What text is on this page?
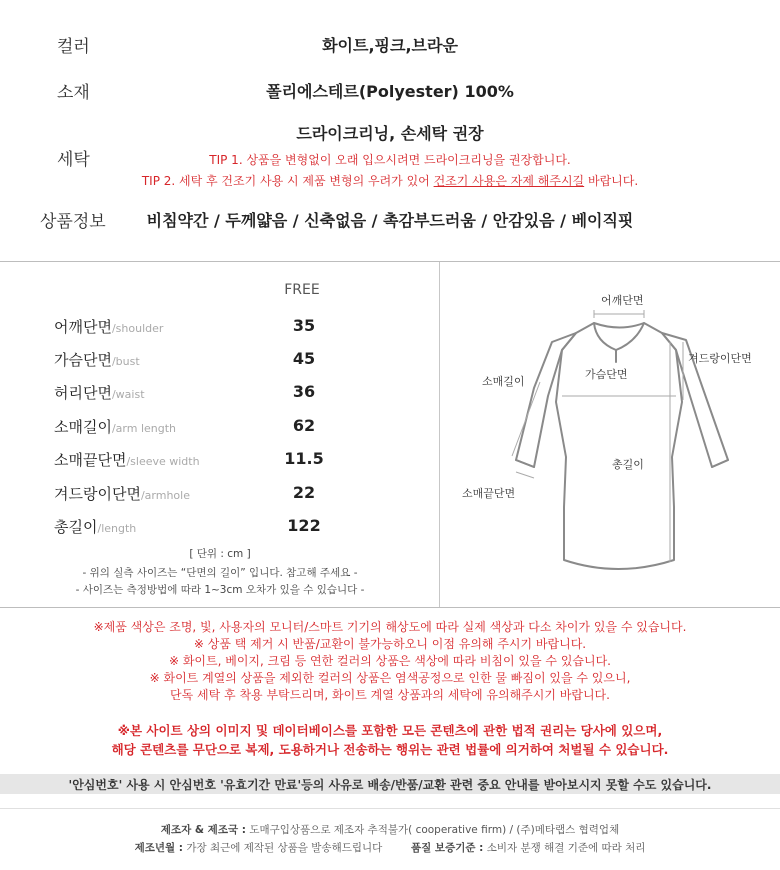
컬러	화이트,핑크,브라운
소재	폴리에스테르(Polyester) 100%
드라이크리닝, 손세탁 권장
세탁	TIP 1. 상품을 변형없이 오래 입으시려면 드라이크리닝을 권장합니다.
TIP 2. 세탁 후 건조기 사용 시 제품 변형의 우려가 있어 건조기 사용은 자제 해주시길 바랍니다.
상품정보	비침약간 / 두께얇음 / 신축없음 / 촉감부드러움 / 안감있음 / 베이직핏
FREE
어깨단면/shoulder	35
가슴단면/bust	45
허리단면/waist	36
소매길이/arm length	62
소매끝단면/sleeve width	11.5
겨드랑이단면/armhole	22
총길이/length	122
[ 단위 : cm ]
- 위의 실측 사이즈는 “단면의 길이” 입니다. 참고해 주세요 -
- 사이즈는 측정방법에 따라 1~3cm 오차가 있을 수 있습니다 -
어깨단면
겨드랑이단면
소매길이
가슴단면
총길이
소매끝단면
※제품 색상은 조명, 빛, 사용자의 모니터/스마트 기기의 해상도에 따라 실제 색상과 다소 차이가 있을 수 있습니다.
※ 상품 택 제거 시 반품/교환이 불가능하오니 이점 유의해 주시기 바랍니다.
※ 화이트, 베이지, 크림 등 연한 컬러의 상품은 색상에 따라 비침이 있을 수 있습니다.
※ 화이트 계열의 상품을 제외한 컬러의 상품은 염색공정으로 인한 물 빠짐이 있을 수 있으니,
단독 세탁 후 착용 부탁드리며, 화이트 계열 상품과의 세탁에 유의해주시기 바랍니다.
※본 사이트 상의 이미지 및 데이터베이스를 포함한 모든 콘텐츠에 관한 법적 권리는 당사에 있으며,
해당 콘텐츠를 무단으로 복제, 도용하거나 전송하는 행위는 관련 법률에 의거하여 처벌될 수 있습니다.
'안심번호' 사용 시 안심번호 '유효기간 만료'등의 사유로 배송/반품/교환 관련 중요 안내를 받아보시지 못할 수도 있습니다.
제조자 & 제조국 : 도매구입상품으로 제조자 추적불가( cooperative firm) / (주)메타랩스 협력업체
제조년월 : 가장 최근에 제작된 상품을 발송해드립니다	품질 보증기준 : 소비자 분쟁 해결 기준에 따라 처리
